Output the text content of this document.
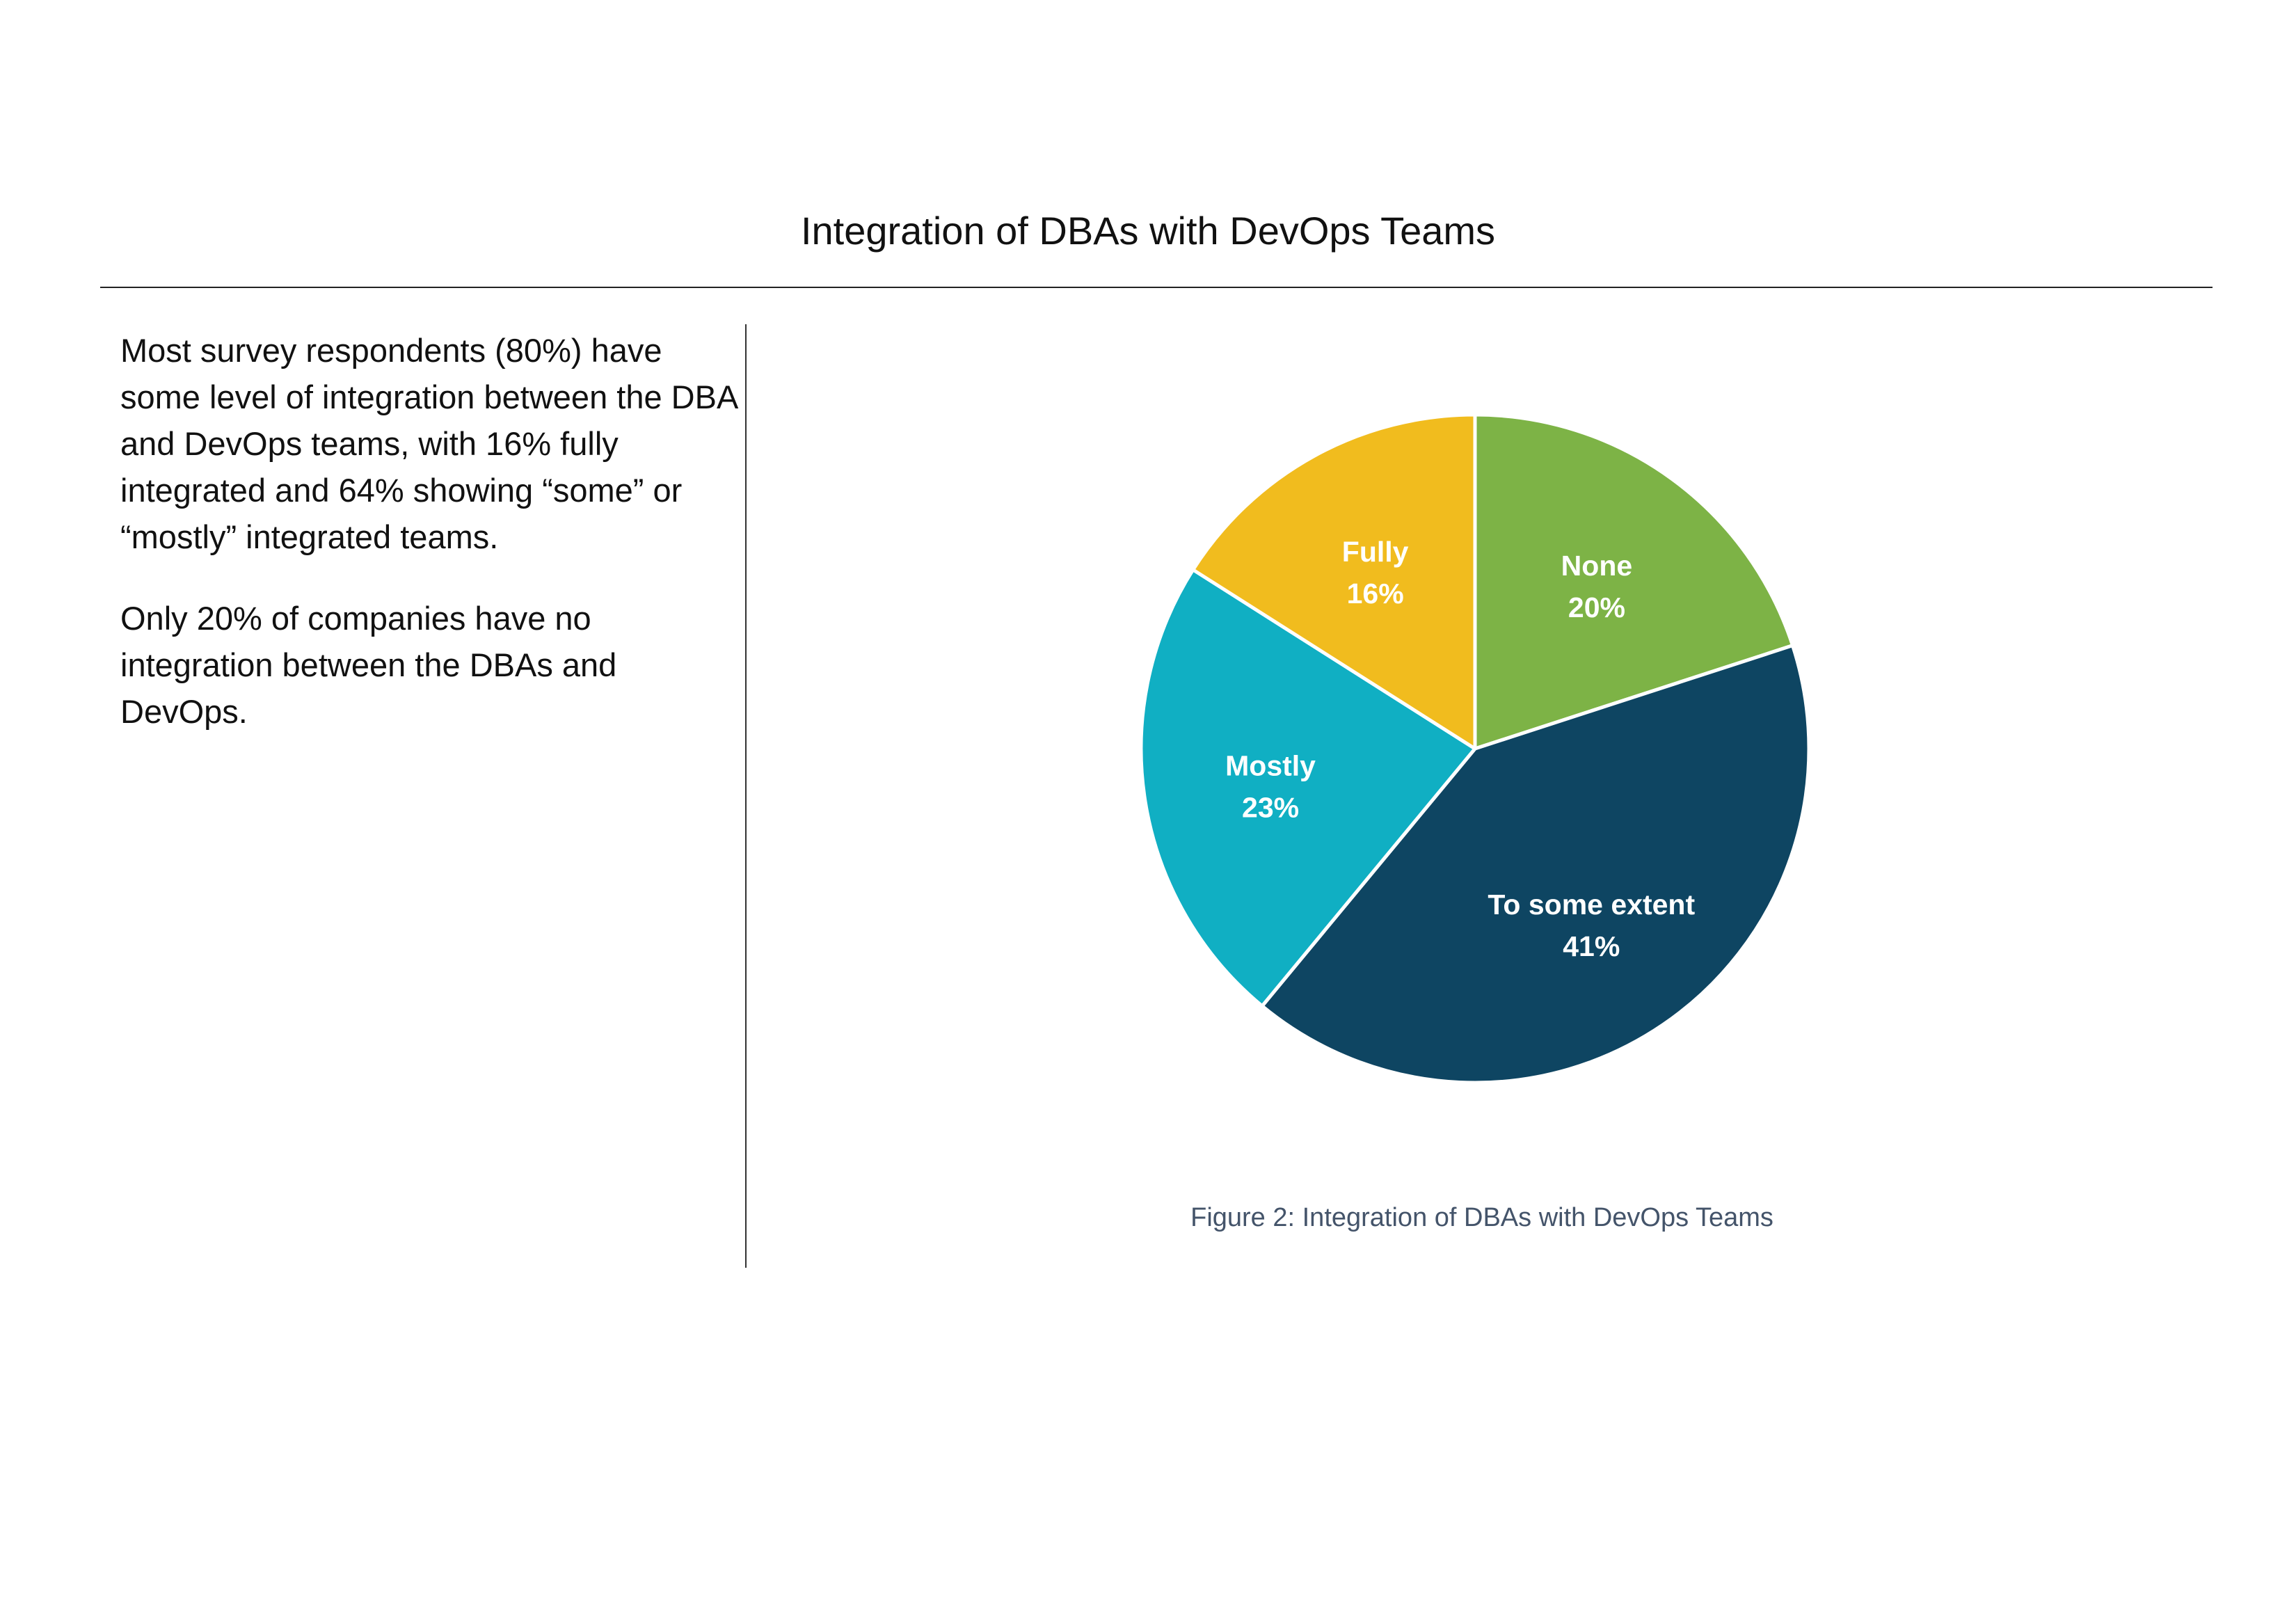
Integration of DBAs with DevOps Teams

Most survey respondents (80%) have some level of integration between the DBA and DevOps teams, with 16% fully integrated and 64% showing “some” or “mostly” integrated teams.

Only 20% of companies have no integration between the DBAs and DevOps.

None 20%
To some extent 41%
Mostly 23%
Fully 16%
Figure 2: Integration of DBAs with DevOps Teams
